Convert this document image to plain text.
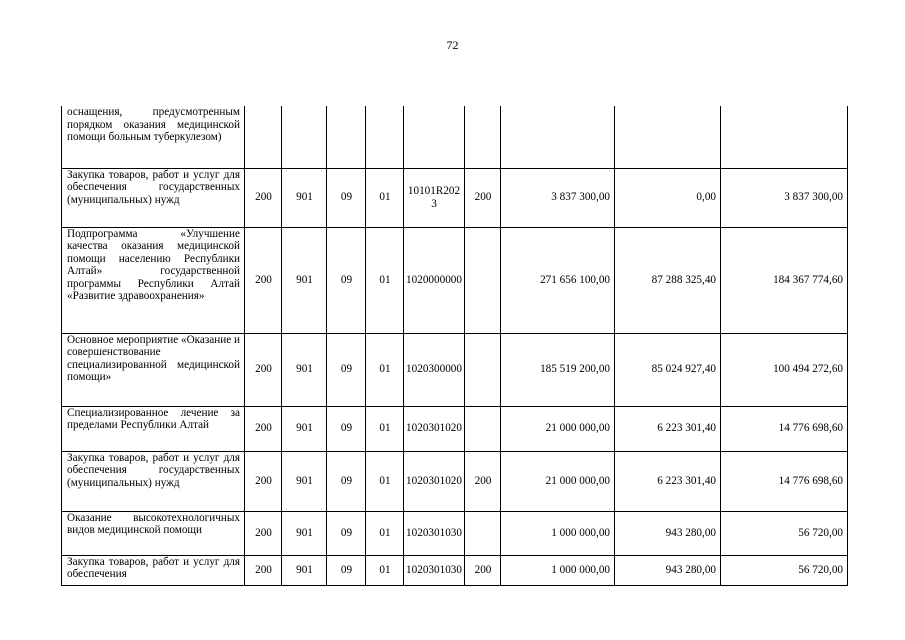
72
оснащения, предусмотренным порядком оказания медицинской помощи больным туберкулезом)									
Закупка товаров, работ и услуг для обеспечения государственных (муниципальных) нужд	200	901	09	01	10101R2023	200	3 837 300,00	0,00	3 837 300,00
Подпрограмма «Улучшение качества оказания медицинской помощи населению Республики Алтай» государственной программы Республики Алтай «Развитие здравоохранения»	200	901	09	01	1020000000		271 656 100,00	87 288 325,40	184 367 774,60
Основное мероприятие «Оказание и совершенствование специализированной медицинской помощи»	200	901	09	01	1020300000		185 519 200,00	85 024 927,40	100 494 272,60
Специализированное лечение за пределами Республики Алтай	200	901	09	01	1020301020		21 000 000,00	6 223 301,40	14 776 698,60
Закупка товаров, работ и услуг для обеспечения государственных (муниципальных) нужд	200	901	09	01	1020301020	200	21 000 000,00	6 223 301,40	14 776 698,60
Оказание высокотехнологичных видов медицинской помощи	200	901	09	01	1020301030		1 000 000,00	943 280,00	56 720,00
Закупка товаров, работ и услуг для обеспечения	200	901	09	01	1020301030	200	1 000 000,00	943 280,00	56 720,00
